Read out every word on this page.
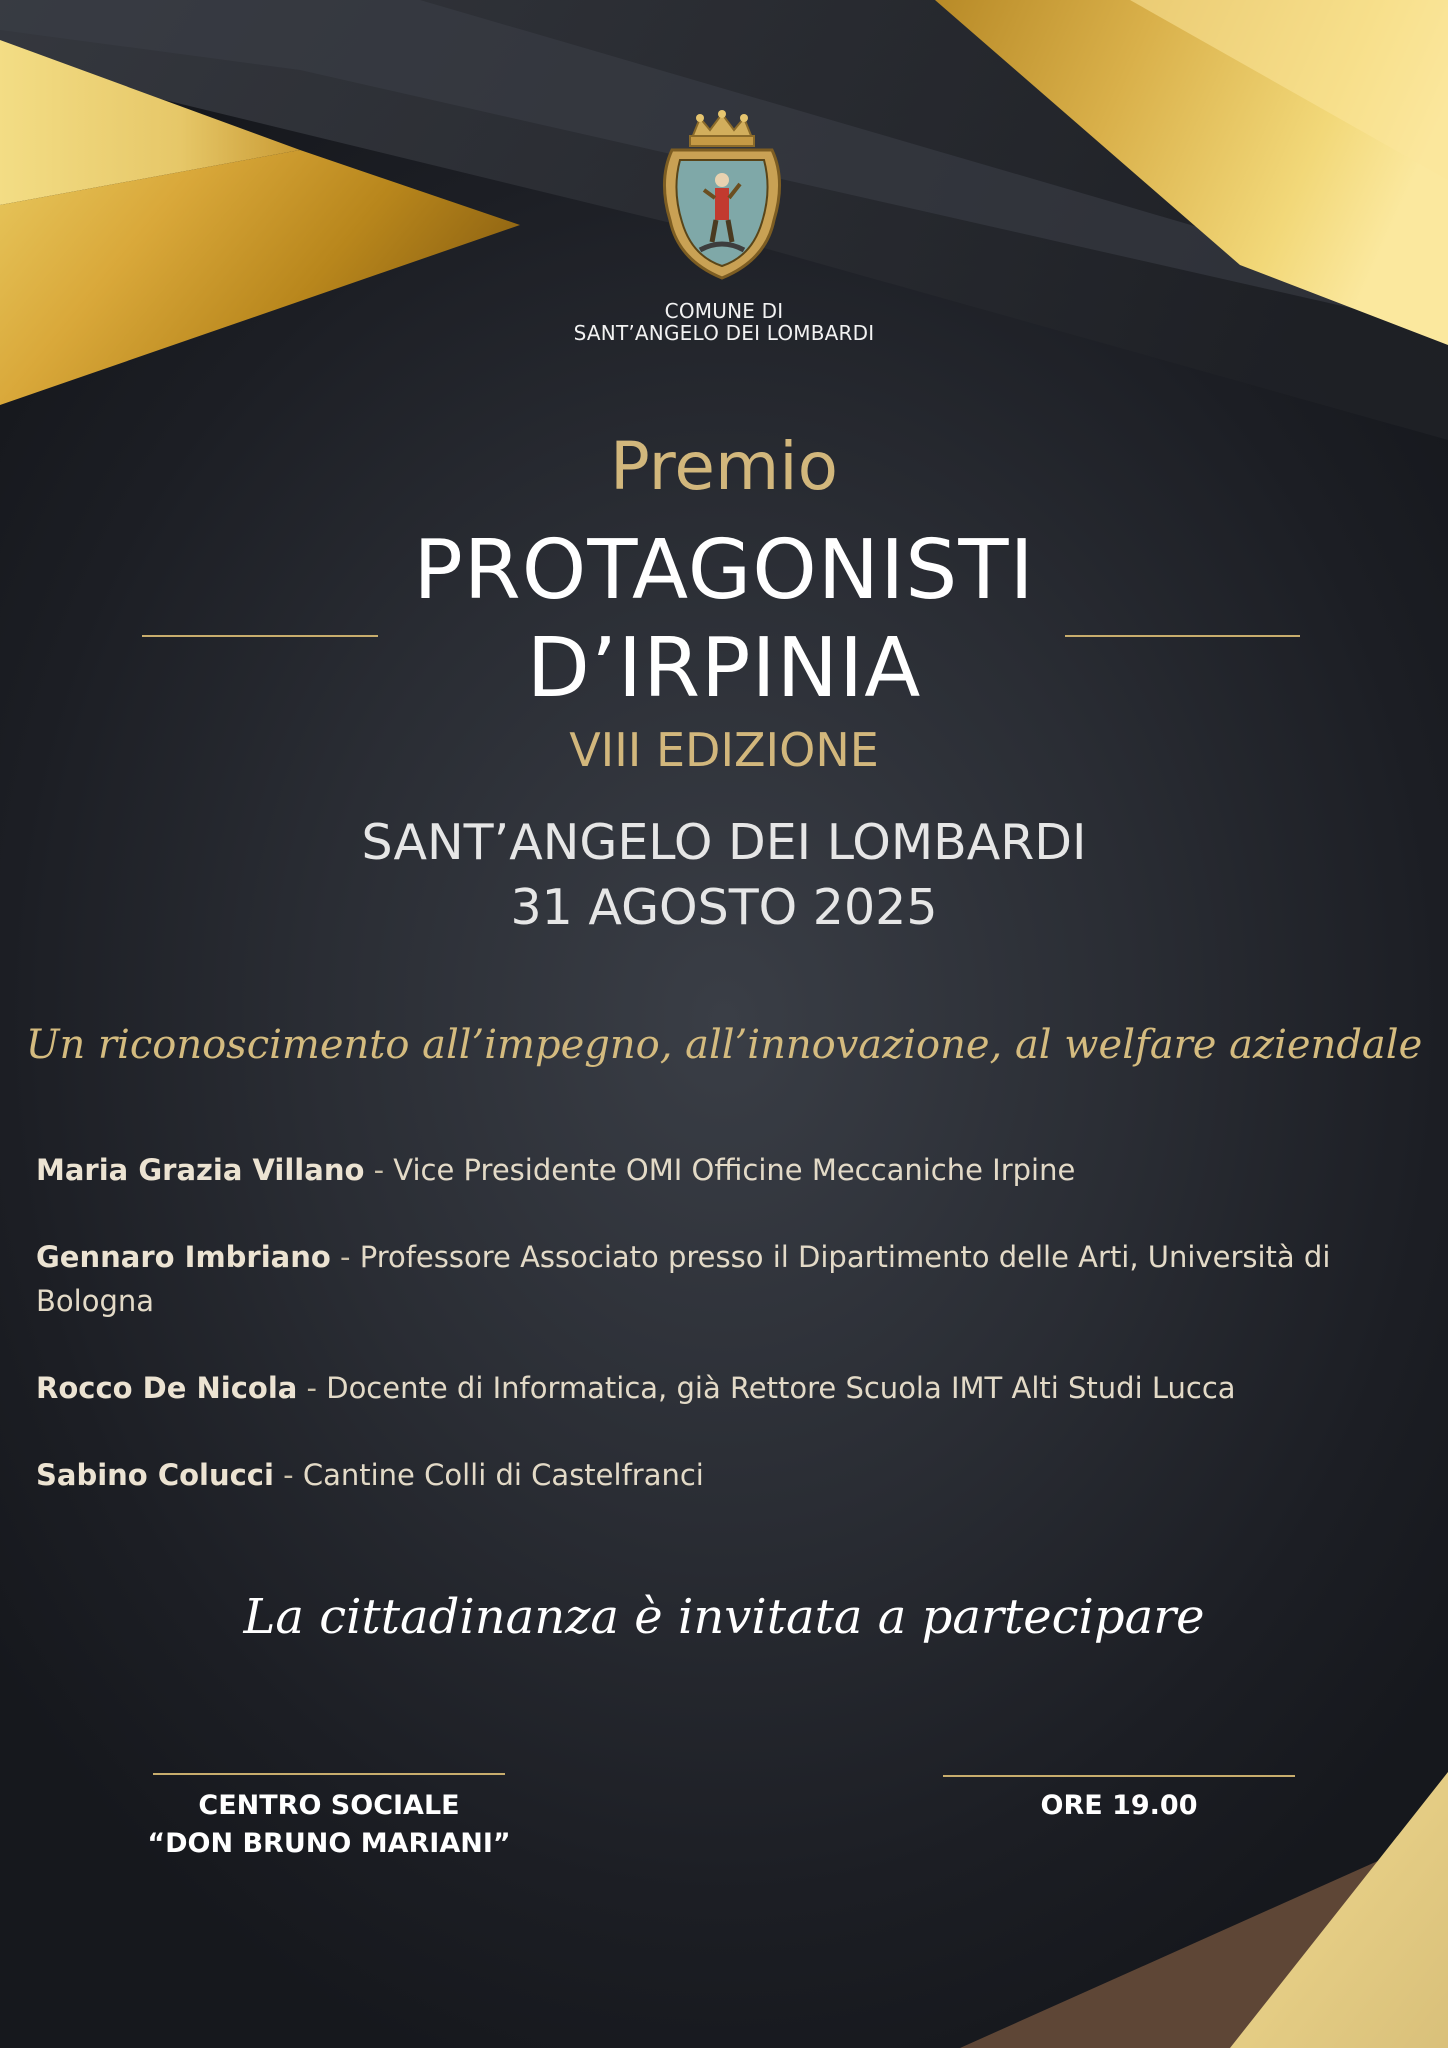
COMUNE DI
SANT’ANGELO DEI LOMBARDI
Premio
PROTAGONISTI
D’IRPINIA
VIII EDIZIONE
SANT’ANGELO DEI LOMBARDI
31 AGOSTO 2025
Un riconoscimento all’impegno, all’innovazione, al welfare aziendale
Maria Grazia Villano - Vice Presidente OMI Officine Meccaniche Irpine
Gennaro Imbriano - Professore Associato presso il Dipartimento delle Arti, Università di Bologna
Rocco De Nicola - Docente di Informatica, già Rettore Scuola IMT Alti Studi Lucca
Sabino Colucci - Cantine Colli di Castelfranci
La cittadinanza è invitata a partecipare
CENTRO SOCIALE
“DON BRUNO MARIANI”
ORE 19.00
